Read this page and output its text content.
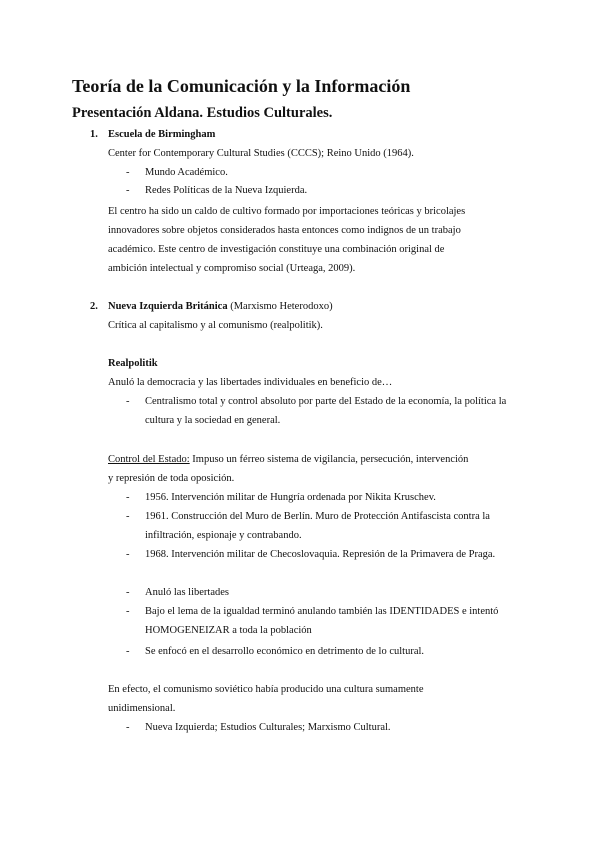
Teoría de la Comunicación y la Información
Presentación Aldana. Estudios Culturales.
1. Escuela de Birmingham
Center for Contemporary Cultural Studies (CCCS); Reino Unido (1964).
- Mundo Académico.
- Redes Políticas de la Nueva Izquierda.
El centro ha sido un caldo de cultivo formado por importaciones teóricas y bricolajes
innovadores sobre objetos considerados hasta entonces como indignos de un trabajo
académico. Este centro de investigación constituye una combinación original de
ambición intelectual y compromiso social (Urteaga, 2009).
2. Nueva Izquierda Británica (Marxismo Heterodoxo)
Crítica al capitalismo y al comunismo (realpolitik).
Realpolitik
Anuló la democracia y las libertades individuales en beneficio de…
- Centralismo total y control absoluto por parte del Estado de la economía, la política la
cultura y la sociedad en general.
Control del Estado: Impuso un férreo sistema de vigilancia, persecución, intervención
y represión de toda oposición.
- 1956. Intervención militar de Hungría ordenada por Nikita Kruschev.
- 1961. Construcción del Muro de Berlín. Muro de Protección Antifascista contra la
infiltración, espionaje y contrabando.
- 1968. Intervención militar de Checoslovaquia. Represión de la Primavera de Praga.
- Anuló las libertades
- Bajo el lema de la igualdad terminó anulando también las IDENTIDADES e intentó
HOMOGENEIZAR a toda la población
- Se enfocó en el desarrollo económico en detrimento de lo cultural.
En efecto, el comunismo soviético había producido una cultura sumamente
unidimensional.
- Nueva Izquierda; Estudios Culturales; Marxismo Cultural.
